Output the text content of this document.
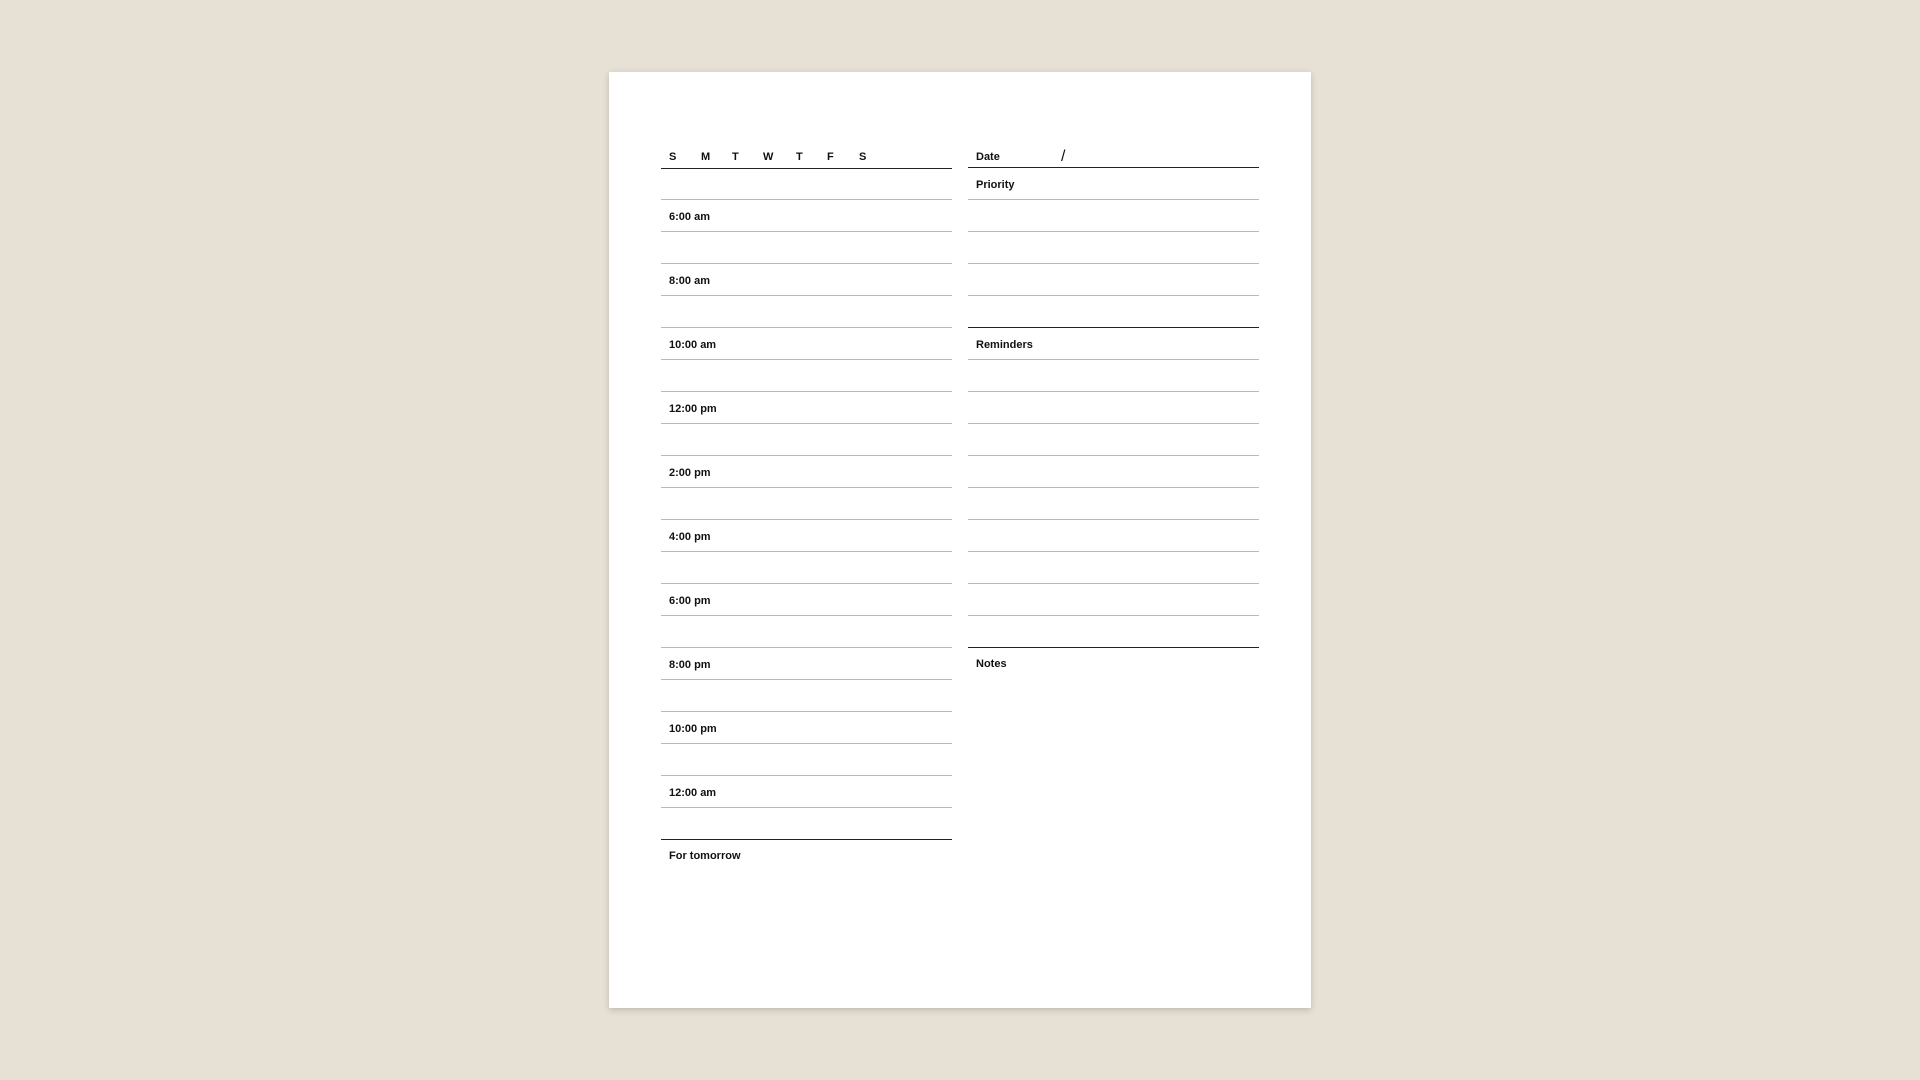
S M T W T F S
6:00 am
8:00 am
10:00 am
12:00 pm
2:00 pm
4:00 pm
6:00 pm
8:00 pm
10:00 pm
12:00 am
For tomorrow
Date	/
Priority
Reminders
Notes
